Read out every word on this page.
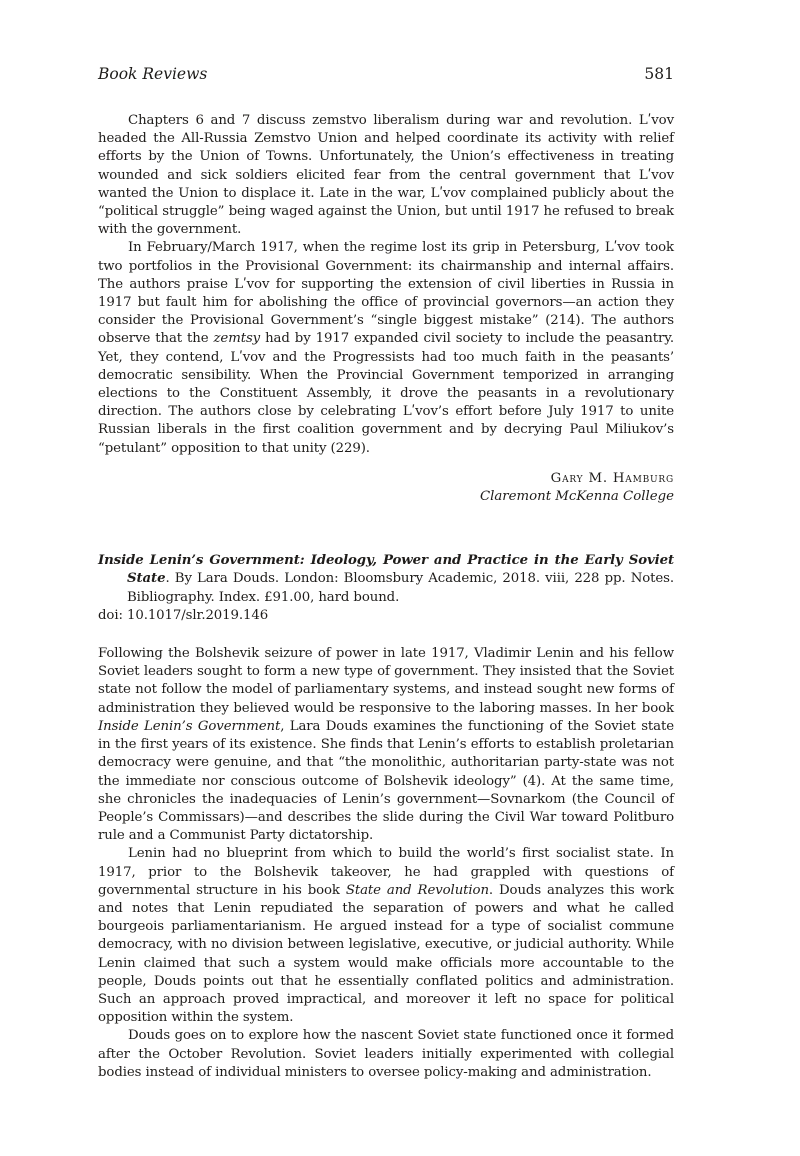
Book Reviews	581

Chapters 6 and 7 discuss zemstvo liberalism during war and revolution. Lʹvov headed the All-Russia Zemstvo Union and helped coordinate its activity with relief efforts by the Union of Towns. Unfortunately, the Union’s effectiveness in treating wounded and sick soldiers elicited fear from the central government that Lʹvov wanted the Union to displace it. Late in the war, Lʹvov complained publicly about the “political struggle” being waged against the Union, but until 1917 he refused to break with the government.

In February/March 1917, when the regime lost its grip in Petersburg, Lʹvov took two portfolios in the Provisional Government: its chairmanship and internal affairs. The authors praise Lʹvov for supporting the extension of civil liberties in Russia in 1917 but fault him for abolishing the office of provincial governors—an action they consider the Provisional Government’s “single biggest mistake” (214). The authors observe that the zemtsy had by 1917 expanded civil society to include the peasantry. Yet, they contend, Lʹvov and the Progressists had too much faith in the peasants’ democratic sensibility. When the Provincial Government temporized in arranging elections to the Constituent Assembly, it drove the peasants in a revolutionary direction. The authors close by celebrating Lʹvov’s effort before July 1917 to unite Russian liberals in the first coalition government and by decrying Paul Miliukov’s “petulant” opposition to that unity (229).

Gary M. Hamburg
Claremont McKenna College
Inside Lenin’s Government: Ideology, Power and Practice in the Early Soviet State. By Lara Douds. London: Bloomsbury Academic, 2018. viii, 228 pp. Notes. Bibliography. Index. £91.00, hard bound.
doi: 10.1017/slr.2019.146

Following the Bolshevik seizure of power in late 1917, Vladimir Lenin and his fellow Soviet leaders sought to form a new type of government. They insisted that the Soviet state not follow the model of parliamentary systems, and instead sought new forms of administration they believed would be responsive to the laboring masses. In her book Inside Lenin’s Government, Lara Douds examines the functioning of the Soviet state in the first years of its existence. She finds that Lenin’s efforts to establish proletarian democracy were genuine, and that “the monolithic, authoritarian party-state was not the immediate nor conscious outcome of Bolshevik ideology” (4). At the same time, she chronicles the inadequacies of Lenin’s government—Sovnarkom (the Council of People’s Commissars)—and describes the slide during the Civil War toward Politburo rule and a Communist Party dictatorship.

Lenin had no blueprint from which to build the world’s first socialist state. In 1917, prior to the Bolshevik takeover, he had grappled with questions of governmental structure in his book State and Revolution. Douds analyzes this work and notes that Lenin repudiated the separation of powers and what he called bourgeois parliamentarianism. He argued instead for a type of socialist commune democracy, with no division between legislative, executive, or judicial authority. While Lenin claimed that such a system would make officials more accountable to the people, Douds points out that he essentially conflated politics and administration. Such an approach proved impractical, and moreover it left no space for political opposition within the system.

Douds goes on to explore how the nascent Soviet state functioned once it formed after the October Revolution. Soviet leaders initially experimented with collegial bodies instead of individual ministers to oversee policy-making and administration.
